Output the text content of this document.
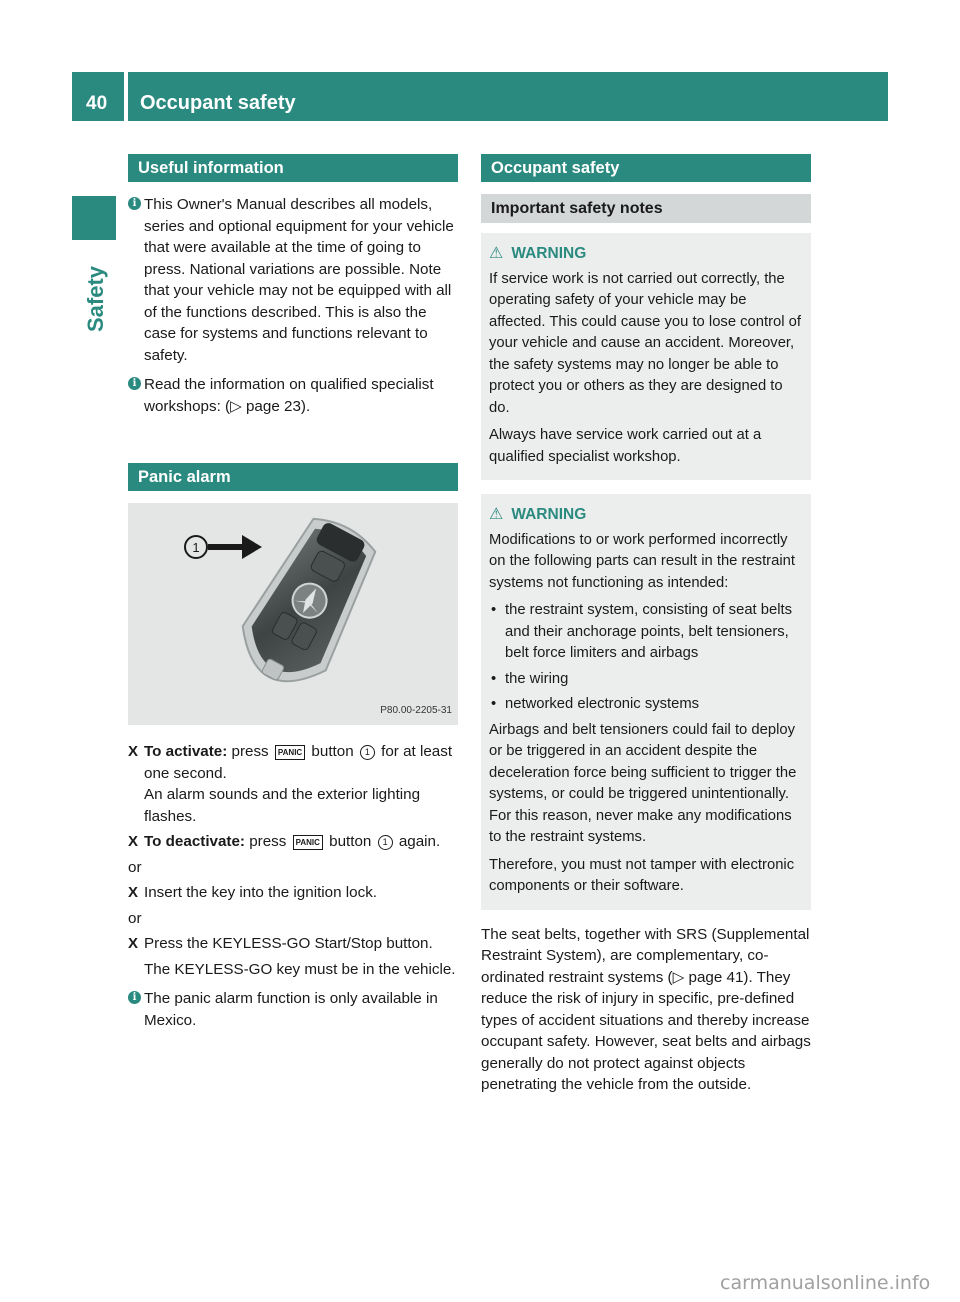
40	Occupant safety
Safety
Useful information
i This Owner's Manual describes all models, series and optional equipment for your vehicle that were available at the time of going to press. National variations are possible. Note that your vehicle may not be equipped with all of the functions described. This is also the case for systems and functions relevant to safety.
i Read the information on qualified specialist workshops: (▷ page 23).
Panic alarm
1
P80.00-2205-31
X To activate: press PANIC button 1 for at least one second.
An alarm sounds and the exterior lighting flashes.
X To deactivate: press PANIC button 1 again.
or
X Insert the key into the ignition lock.
or
X Press the KEYLESS-GO Start/Stop button.
The KEYLESS-GO key must be in the vehicle.
i The panic alarm function is only available in Mexico.
Occupant safety
Important safety notes
⚠ WARNING

If service work is not carried out correctly, the operating safety of your vehicle may be affected. This could cause you to lose control of your vehicle and cause an accident. Moreover, the safety systems may no longer be able to protect you or others as they are designed to do.

Always have service work carried out at a qualified specialist workshop.

⚠ WARNING

Modifications to or work performed incorrectly on the following parts can result in the restraint systems not functioning as intended:

• the restraint system, consisting of seat belts and their anchorage points, belt tensioners, belt force limiters and airbags
• the wiring
• networked electronic systems

Airbags and belt tensioners could fail to deploy or be triggered in an accident despite the deceleration force being sufficient to trigger the systems, or could be triggered unintentionally. For this reason, never make any modifications to the restraint systems.

Therefore, you must not tamper with electronic components or their software.

The seat belts, together with SRS (Supplemental Restraint System), are complementary, co-ordinated restraint systems (▷ page 41). They reduce the risk of injury in specific, pre-defined types of accident situations and thereby increase occupant safety. However, seat belts and airbags generally do not protect against objects penetrating the vehicle from the outside.

carmanualsonline.info
